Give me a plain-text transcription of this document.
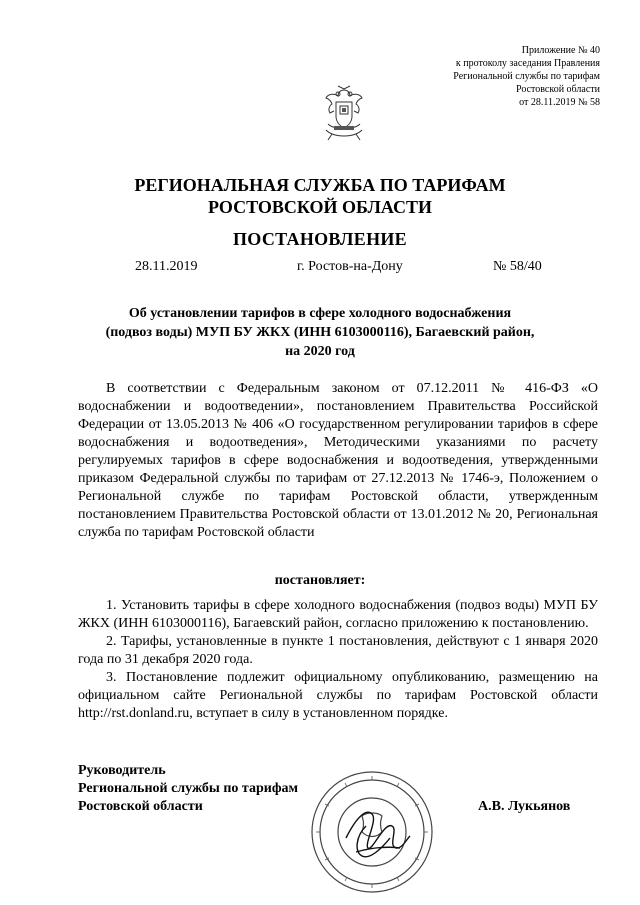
Приложение № 40
к протоколу заседания Правления
Региональной службы по тарифам
Ростовской области
от 28.11.2019 № 58
РЕГИОНАЛЬНАЯ СЛУЖБА ПО ТАРИФАМ
РОСТОВСКОЙ ОБЛАСТИ
ПОСТАНОВЛЕНИЕ
28.11.2019	г. Ростов-на-Дону	№ 58/40
Об установлении тарифов в сфере холодного водоснабжения
(подвоз воды) МУП БУ ЖКХ (ИНН 6103000116), Багаевский район,
на 2020 год

В соответствии с Федеральным законом от 07.12.2011 № 416-ФЗ «О водоснабжении и водоотведении», постановлением Правительства Российской Федерации от 13.05.2013 № 406 «О государственном регулировании тарифов в сфере водоснабжения и водоотведения», Методическими указаниями по расчету регулируемых тарифов в сфере водоснабжения и водоотведения, утвержденными приказом Федеральной службы по тарифам от 27.12.2013 № 1746-э, Положением о Региональной службе по тарифам Ростовской области, утвержденным постановлением Правительства Ростовской области от 13.01.2012 № 20, Региональная служба по тарифам Ростовской области

постановляет:

1. Установить тарифы в сфере холодного водоснабжения (подвоз воды) МУП БУ ЖКХ (ИНН 6103000116), Багаевский район, согласно приложению к постановлению.

2. Тарифы, установленные в пункте 1 постановления, действуют с 1 января 2020 года по 31 декабря 2020 года.

3. Постановление подлежит официальному опубликованию, размещению на официальном сайте Региональной службы по тарифам Ростовской области http://rst.donland.ru, вступает в силу в установленном порядке.

Руководитель
Региональной службы по тарифам
Ростовской области	А.В. Лукьянов
